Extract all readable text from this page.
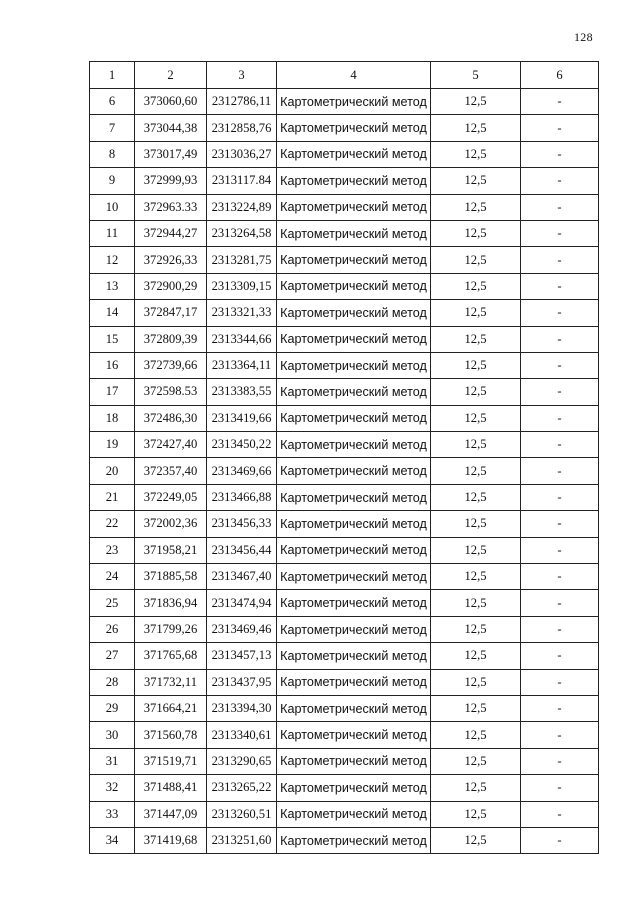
128
1	2	3	4	5	6
6	373060,60	2312786,11	Картометрический метод	12,5	-
7	373044,38	2312858,76	Картометрический метод	12,5	-
8	373017,49	2313036,27	Картометрический метод	12,5	-
9	372999,93	2313117.84	Картометрический метод	12,5	-
10	372963.33	2313224,89	Картометрический метод	12,5	-
11	372944,27	2313264,58	Картометрический метод	12,5	-
12	372926,33	2313281,75	Картометрический метод	12,5	-
13	372900,29	2313309,15	Картометрический метод	12,5	-
14	372847,17	2313321,33	Картометрический метод	12,5	-
15	372809,39	2313344,66	Картометрический метод	12,5	-
16	372739,66	2313364,11	Картометрический метод	12,5	-
17	372598.53	2313383,55	Картометрический метод	12,5	-
18	372486,30	2313419,66	Картометрический метод	12,5	-
19	372427,40	2313450,22	Картометрический метод	12,5	-
20	372357,40	2313469,66	Картометрический метод	12,5	-
21	372249,05	2313466,88	Картометрический метод	12,5	-
22	372002,36	2313456,33	Картометрический метод	12,5	-
23	371958,21	2313456,44	Картометрический метод	12,5	-
24	371885,58	2313467,40	Картометрический метод	12,5	-
25	371836,94	2313474,94	Картометрический метод	12,5	-
26	371799,26	2313469,46	Картометрический метод	12,5	-
27	371765,68	2313457,13	Картометрический метод	12,5	-
28	371732,11	2313437,95	Картометрический метод	12,5	-
29	371664,21	2313394,30	Картометрический метод	12,5	-
30	371560,78	2313340,61	Картометрический метод	12,5	-
31	371519,71	2313290,65	Картометрический метод	12,5	-
32	371488,41	2313265,22	Картометрический метод	12,5	-
33	371447,09	2313260,51	Картометрический метод	12,5	-
34	371419,68	2313251,60	Картометрический метод	12,5	-
